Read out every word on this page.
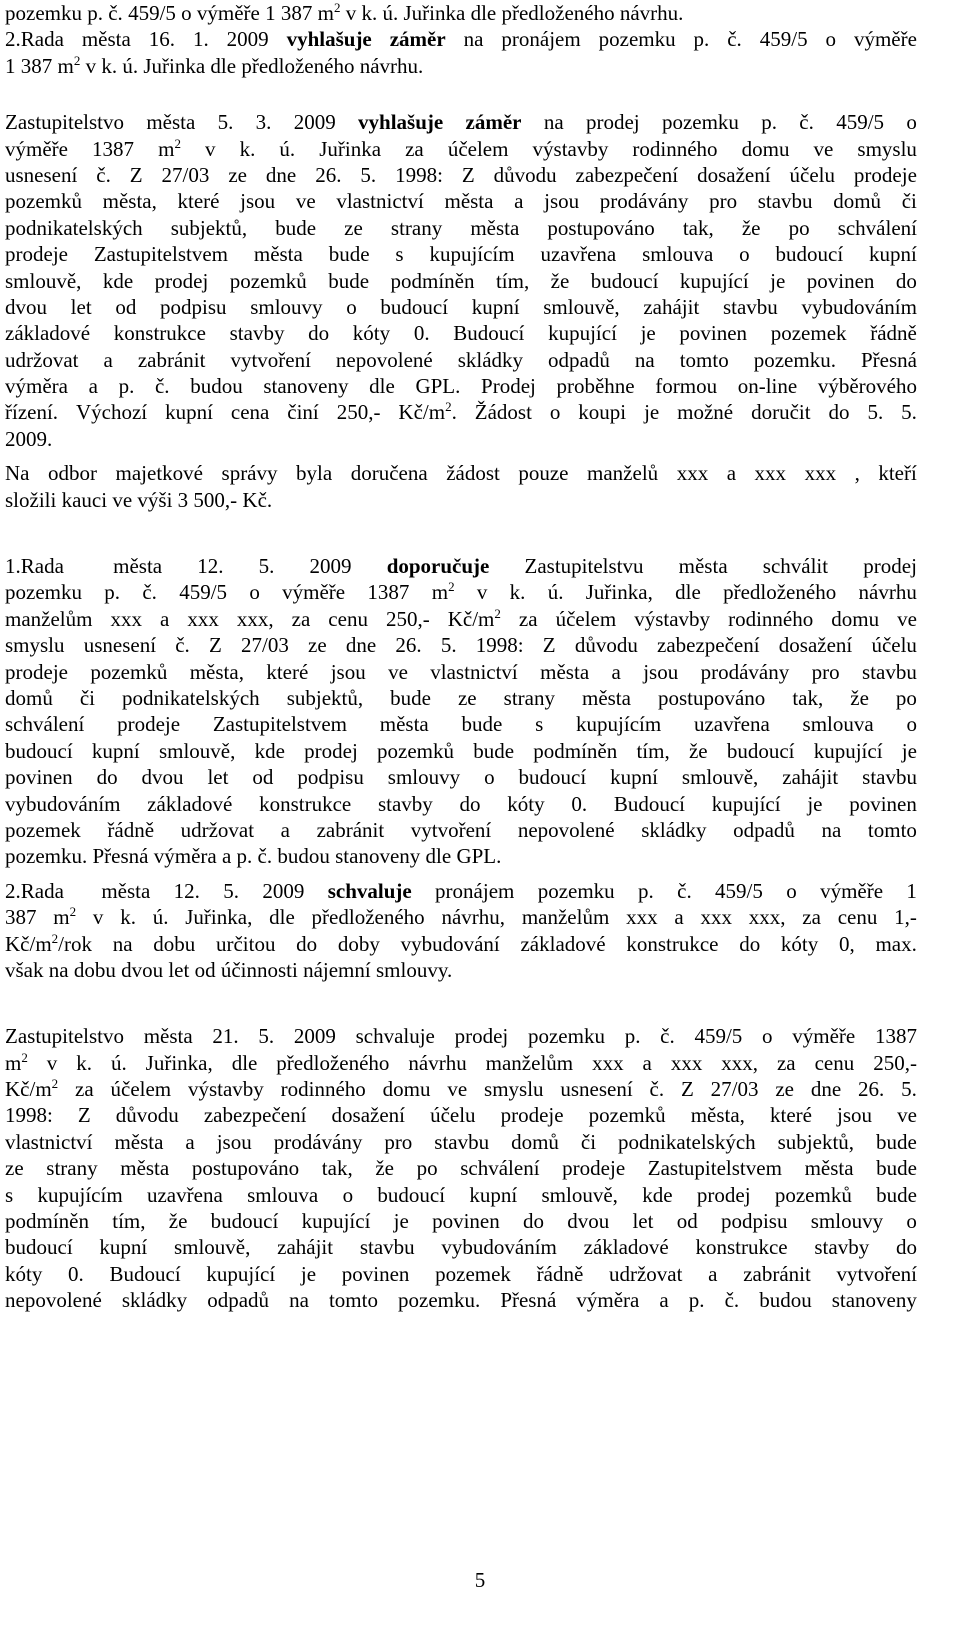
pozemku p. č. 459/5 o výměře 1 387 $m^2$ v k. ú. Juřinka dle předloženého návrhu.
2.Rada města 16. 1. 2009 vyhlašuje záměr na pronájem pozemku p. č. 459/5 o výměře
1 387 $m^2$ v k. ú. Juřinka dle předloženého návrhu.
Zastupitelstvo města 5. 3. 2009 vyhlašuje záměr na prodej pozemku p. č. 459/5 o
výměře 1387 $m^2$ v k. ú. Juřinka za účelem výstavby rodinného domu ve smyslu
usnesení č. Z 27/03 ze dne 26. 5. 1998: Z důvodu zabezpečení dosažení účelu prodeje
pozemků města, které jsou ve vlastnictví města a jsou prodávány pro stavbu domů či
podnikatelských subjektů, bude ze strany města postupováno tak, že po schválení
prodeje Zastupitelstvem města bude s kupujícím uzavřena smlouva o budoucí kupní
smlouvě, kde prodej pozemků bude podmíněn tím, že budoucí kupující je povinen do
dvou let od podpisu smlouvy o budoucí kupní smlouvě, zahájit stavbu vybudováním
základové konstrukce stavby do kóty 0. Budoucí kupující je povinen pozemek řádně
udržovat a zabránit vytvoření nepovolené skládky odpadů na tomto pozemku. Přesná
výměra a p. č. budou stanoveny dle GPL. Prodej proběhne formou on-line výběrového
řízení. Výchozí kupní cena činí 250,- $Kč/m^2$. Žádost o koupi je možné doručit do 5. 5.
2009.
Na odbor majetkové správy byla doručena žádost pouze manželů xxx a xxx xxx , kteří
složili kauci ve výši 3 500,- Kč.
1.Rada	města 12. 5. 2009 doporučuje Zastupitelstvu města schválit prodej
pozemku p. č. 459/5 o výměře 1387 $m^2$ v k. ú. Juřinka, dle předloženého návrhu
manželům xxx a xxx xxx, za cenu 250,- $Kč/m^2$ za účelem výstavby rodinného domu ve
smyslu usnesení č. Z 27/03 ze dne 26. 5. 1998: Z důvodu zabezpečení dosažení účelu
prodeje pozemků města, které jsou ve vlastnictví města a jsou prodávány pro stavbu
domů či podnikatelských subjektů, bude ze strany města postupováno tak, že po
schválení prodeje Zastupitelstvem města bude s kupujícím uzavřena smlouva o
budoucí kupní smlouvě, kde prodej pozemků bude podmíněn tím, že budoucí kupující je
povinen do dvou let od podpisu smlouvy o budoucí kupní smlouvě, zahájit stavbu
vybudováním základové konstrukce stavby do kóty 0. Budoucí kupující je povinen
pozemek řádně udržovat a zabránit vytvoření nepovolené skládky odpadů na tomto
pozemku. Přesná výměra a p. č. budou stanoveny dle GPL.
2.Rada	města 12. 5. 2009 schvaluje pronájem pozemku p. č. 459/5 o výměře 1
387 $m^2$ v k. ú. Juřinka, dle předloženého návrhu, manželům xxx a xxx xxx, za cenu 1,-
$Kč/m^2$/rok na dobu určitou do doby vybudování základové konstrukce do kóty 0, max.
však na dobu dvou let od účinnosti nájemní smlouvy.
Zastupitelstvo města 21. 5. 2009 schvaluje prodej pozemku p. č. 459/5 o výměře 1387
$m^2$ v k. ú. Juřinka, dle předloženého návrhu manželům xxx a xxx xxx, za cenu 250,-
$Kč/m^2$ za účelem výstavby rodinného domu ve smyslu usnesení č. Z 27/03 ze dne 26. 5.
1998: Z důvodu zabezpečení dosažení účelu prodeje pozemků města, které jsou ve
vlastnictví města a jsou prodávány pro stavbu domů či podnikatelských subjektů, bude
ze strany města postupováno tak, že po schválení prodeje Zastupitelstvem města bude
s kupujícím uzavřena smlouva o budoucí kupní smlouvě, kde prodej pozemků bude
podmíněn tím, že budoucí kupující je povinen do dvou let od podpisu smlouvy o
budoucí kupní smlouvě, zahájit stavbu vybudováním základové konstrukce stavby do
kóty 0. Budoucí kupující je povinen pozemek řádně udržovat a zabránit vytvoření
nepovolené skládky odpadů na tomto pozemku. Přesná výměra a p. č. budou stanoveny
5
